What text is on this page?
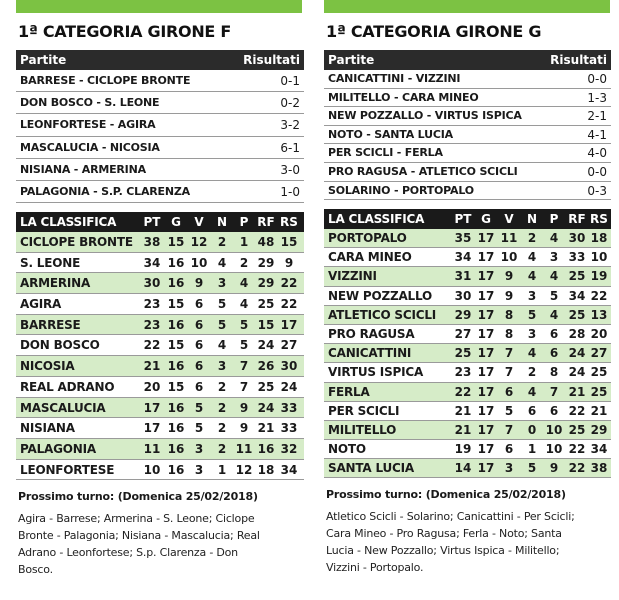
1ª CATEGORIA GIRONE F
Partite	Risultati
BARRESE - CICLOPE BRONTE	0-1
DON BOSCO - S. LEONE	0-2
LEONFORTESE - AGIRA	3-2
MASCALUCIA - NICOSIA	6-1
NISIANA - ARMERINA	3-0
PALAGONIA - S.P. CLARENZA	1-0
LA CLASSIFICA PT G	V	N	P RF RS
CICLOPE BRONTE 38 15 12 2	1 48 15
S. LEONE	34 16 10 4	2 29 9
ARMERINA	30 16 9	3	4 29 22
AGIRA	23 15 6	5	4 25 22
BARRESE	23 16 6	5	5 15 17
DON BOSCO	22 15 6	4	5 24 27
NICOSIA	21 16 6	3	7 26 30
REAL ADRANO	20 15 6	2	7 25 24
MASCALUCIA	17 16 5	2	9 24 33
NISIANA	17 16 5	2	9 21 33
PALAGONIA	11 16 3	2 11 16 32
LEONFORTESE	10 16 3	1 12 18 34
Prossimo turno: (Domenica 25/02/2018)
Agira - Barrese; Armerina - S. Leone; Ciclope
Bronte - Palagonia; Nisiana - Mascalucia; Real
Adrano - Leonfortese; S.p. Clarenza - Don
Bosco.
1ª CATEGORIA GIRONE G
Partite	Risultati
CANICATTINI - VIZZINI	0-0
MILITELLO - CARA MINEO	1-3
NEW POZZALLO - VIRTUS ISPICA	2-1
NOTO - SANTA LUCIA	4-1
PER SCICLI - FERLA	4-0
PRO RAGUSA - ATLETICO SCICLI	0-0
SOLARINO - PORTOPALO	0-3
LA CLASSIFICA	PT G	V	N	P RF RS
PORTOPALO	35 17 11 2	4 30 18
CARA MINEO	34 17 10 4	3 33 10
VIZZINI	31 17 9	4	4 25 19
NEW POZZALLO	30 17 9	3	5 34 22
ATLETICO SCICLI	29 17 8	5	4 25 13
PRO RAGUSA	27 17 8	3	6 28 20
CANICATTINI	25 17 7	4	6 24 27
VIRTUS ISPICA	23 17 7	2	8 24 25
FERLA	22 17 6	4	7 21 25
PER SCICLI	21 17 5	6	6 22 21
MILITELLO	21 17 7	0 10 25 29
NOTO	19 17 6	1 10 22 34
SANTA LUCIA	14 17 3	5	9 22 38
Prossimo turno: (Domenica 25/02/2018)
Atletico Scicli - Solarino; Canicattini - Per Scicli;
Cara Mineo - Pro Ragusa; Ferla - Noto; Santa
Lucia - New Pozzallo; Virtus Ispica - Militello;
Vizzini - Portopalo.
